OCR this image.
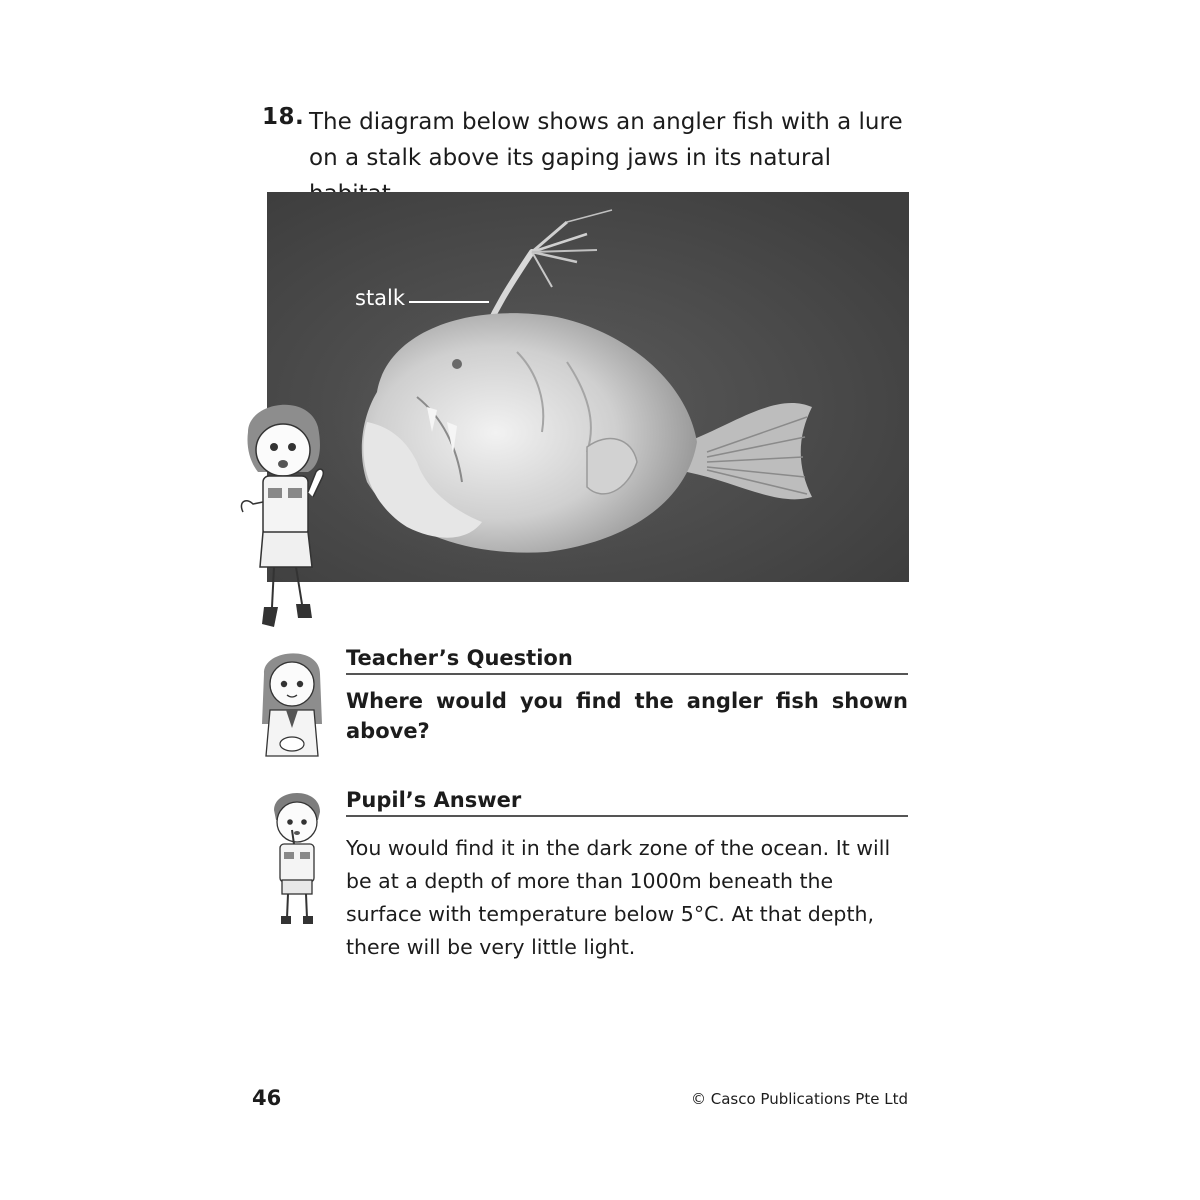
18. The diagram below shows an angler fish with a lure on a stalk above its gaping jaws in its natural
stalk
Teacher’s Question
Where would you find the angler fish shown above?
Pupil’s Answer
You would find it in the dark zone of the ocean. It will be at a depth of more than 1000m beneath the surface with temperature below 5°C. At that depth, there will be very little light.
46	© Casco Publications Pte Ltd
